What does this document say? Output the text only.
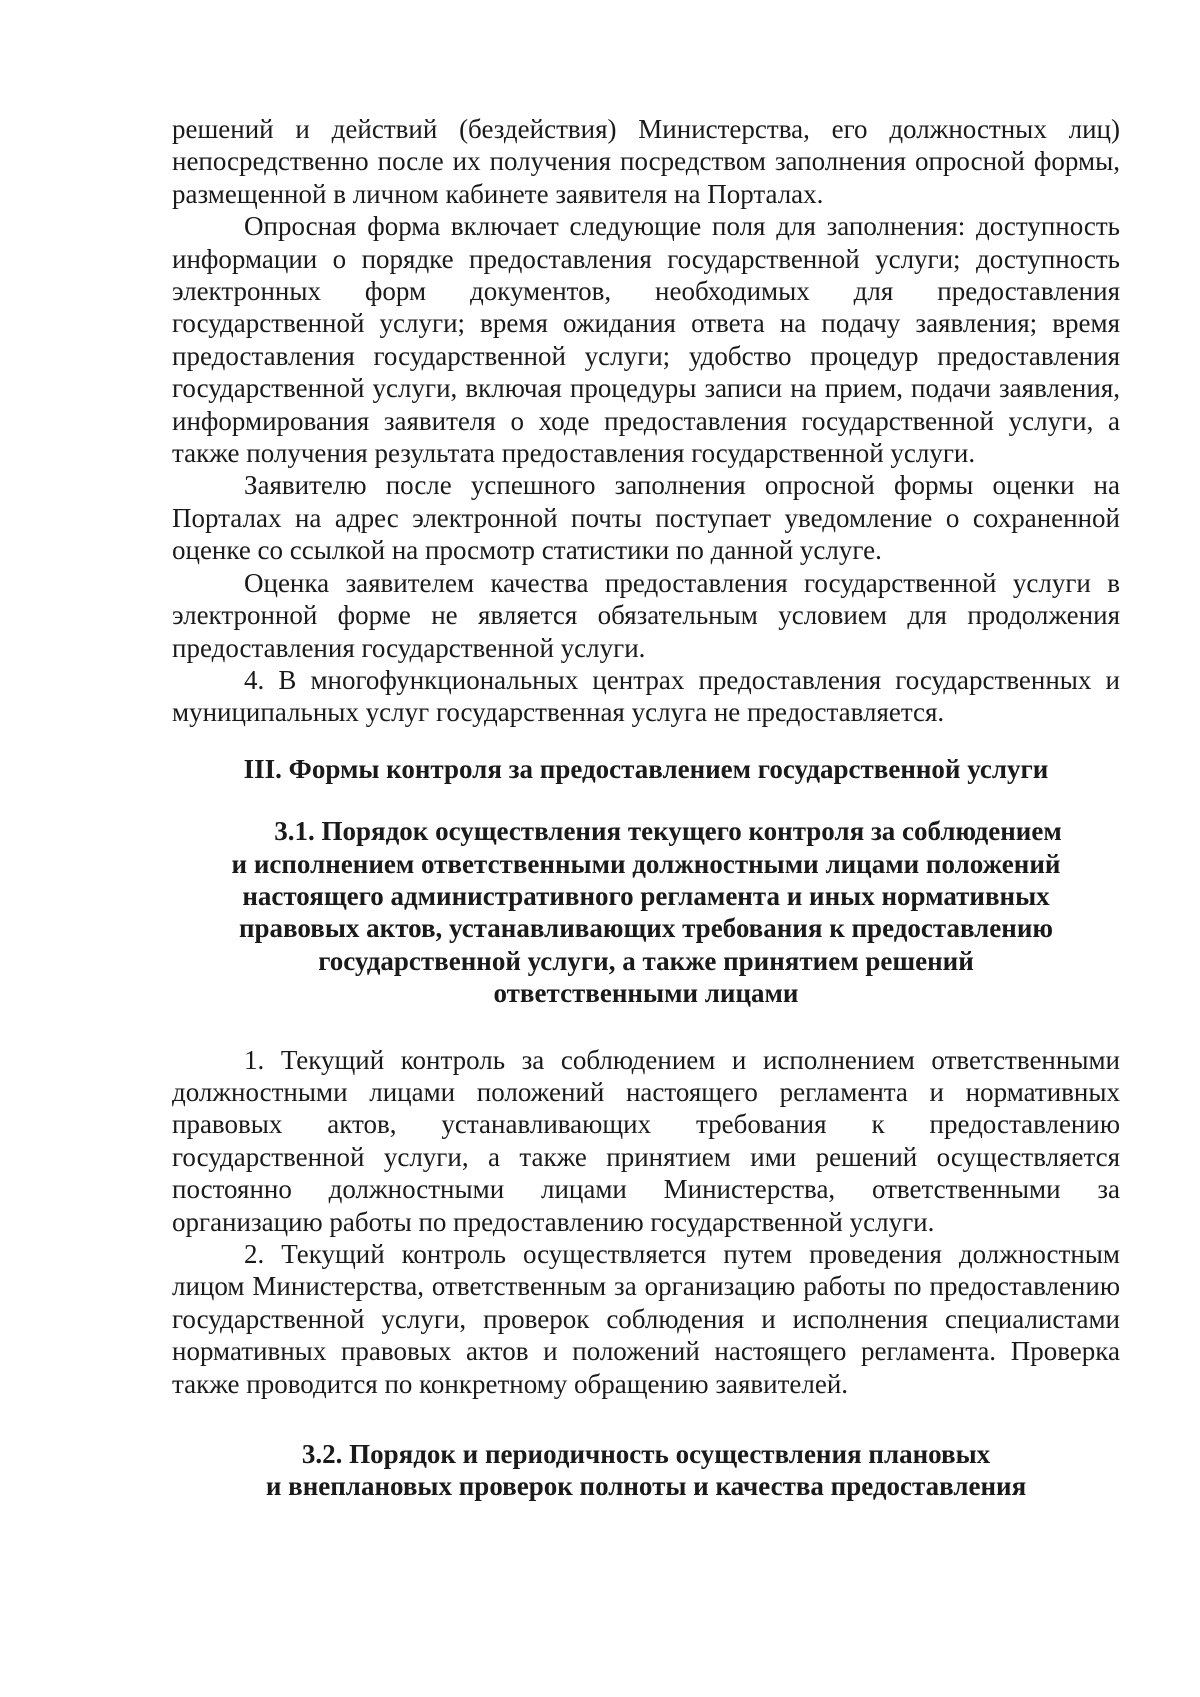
решений и действий (бездействия) Министерства, его должностных лиц) непосредственно после их получения посредством заполнения опросной формы, размещенной в личном кабинете заявителя на Порталах.

Опросная форма включает следующие поля для заполнения: доступность информации о порядке предоставления государственной услуги; доступность электронных форм документов, необходимых для предоставления государственной услуги; время ожидания ответа на подачу заявления; время предоставления государственной услуги; удобство процедур предоставления государственной услуги, включая процедуры записи на прием, подачи заявления, информирования заявителя о ходе предоставления государственной услуги, а также получения результата предоставления государственной услуги.

Заявителю после успешного заполнения опросной формы оценки на Порталах на адрес электронной почты поступает уведомление о сохраненной оценке со ссылкой на просмотр статистики по данной услуге.

Оценка заявителем качества предоставления государственной услуги в электронной форме не является обязательным условием для продолжения предоставления государственной услуги.

4. В многофункциональных центрах предоставления государственных и муниципальных услуг государственная услуга не предоставляется.

III. Формы контроля за предоставлением государственной услуги
3.1. Порядок осуществления текущего контроля за соблюдением
и исполнением ответственными должностными лицами положений
настоящего административного регламента и иных нормативных
правовых актов, устанавливающих требования к предоставлению
государственной услуги, а также принятием решений
ответственными лицами

1. Текущий контроль за соблюдением и исполнением ответственными должностными лицами положений настоящего регламента и нормативных правовых актов, устанавливающих требования к предоставлению государственной услуги, а также принятием ими решений осуществляется постоянно должностными лицами Министерства, ответственными за организацию работы по предоставлению государственной услуги.

2. Текущий контроль осуществляется путем проведения должностным лицом Министерства, ответственным за организацию работы по предоставлению государственной услуги, проверок соблюдения и исполнения специалистами нормативных правовых актов и положений настоящего регламента. Проверка также проводится по конкретному обращению заявителей.

3.2. Порядок и периодичность осуществления плановых
и внеплановых проверок полноты и качества предоставления
